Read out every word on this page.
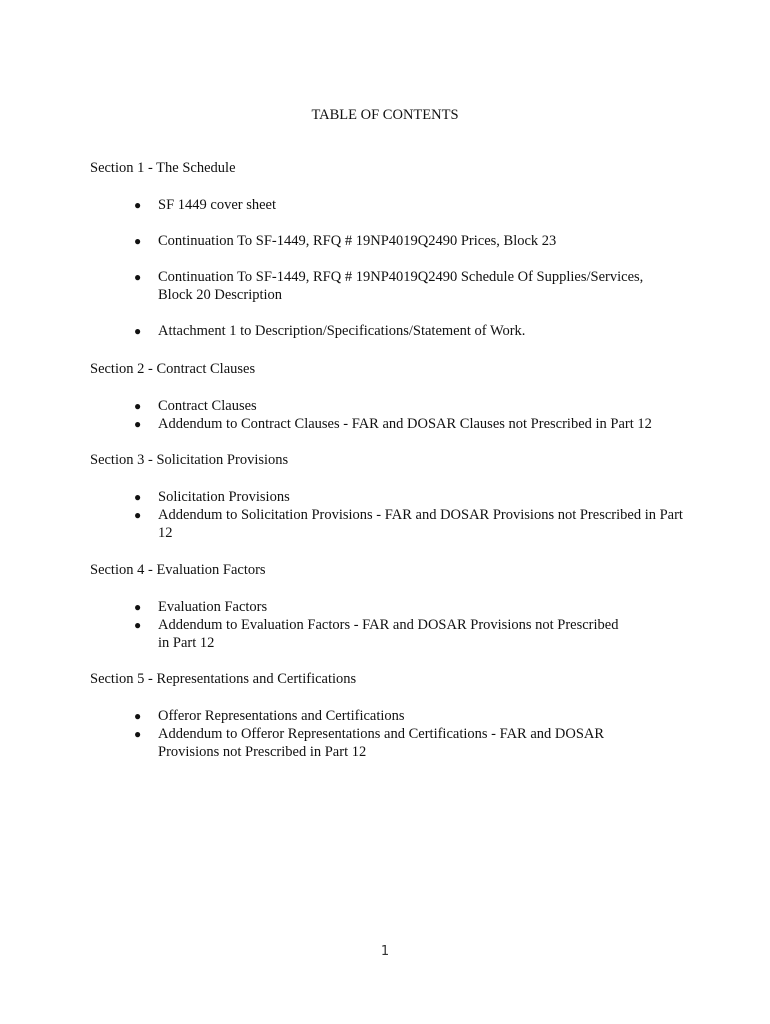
TABLE OF CONTENTS
Section 1 - The Schedule
● SF 1449 cover sheet
● Continuation To SF-1449, RFQ # 19NP4019Q2490 Prices, Block 23
● Continuation To SF-1449, RFQ # 19NP4019Q2490 Schedule Of Supplies/Services, Block 20 Description
● Attachment 1 to Description/Specifications/Statement of Work.
Section 2 - Contract Clauses
● Contract Clauses
● Addendum to Contract Clauses - FAR and DOSAR Clauses not Prescribed in Part 12
Section 3 - Solicitation Provisions
● Solicitation Provisions
● Addendum to Solicitation Provisions - FAR and DOSAR Provisions not Prescribed in Part 12
Section 4 - Evaluation Factors
● Evaluation Factors
● Addendum to Evaluation Factors - FAR and DOSAR Provisions not Prescribed in Part 12
Section 5 - Representations and Certifications
● Offeror Representations and Certifications
● Addendum to Offeror Representations and Certifications - FAR and DOSAR Provisions not Prescribed in Part 12
1
